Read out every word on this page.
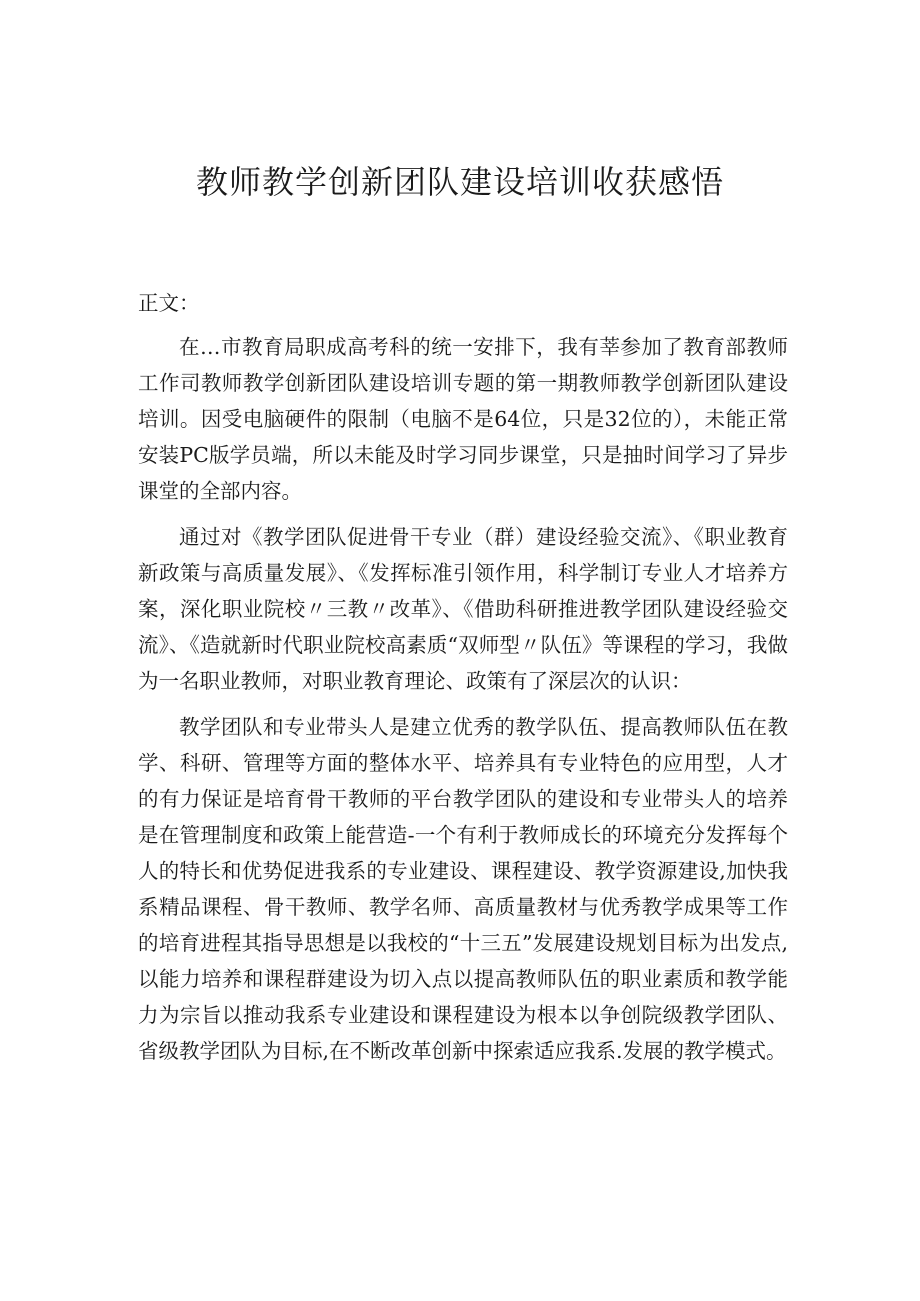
教师教学创新团队建设培训收获感悟

正文：

在…市教育局职成高考科的统一安排下，我有莘参加了教育部教师工作司教师教学创新团队建设培训专题的第一期教师教学创新团队建设培训。因受电脑硬件的限制（电脑不是64位，只是32位的），未能正常安装PC版学员端，所以未能及时学习同步课堂，只是抽时间学习了异步课堂的全部内容。

通过对《教学团队促进骨干专业（群）建设经验交流》、《职业教育新政策与高质量发展》、《发挥标准引领作用，科学制订专业人才培养方案，深化职业院校〃三教〃改革》、《借助科研推进教学团队建设经验交流》、《造就新时代职业院校高素质“双师型〃队伍》等课程的学习，我做为一名职业教师，对职业教育理论、政策有了深层次的认识：

教学团队和专业带头人是建立优秀的教学队伍、提高教师队伍在教学、科研、管理等方面的整体水平、培养具有专业特色的应用型，人才的有力保证是培育骨干教师的平台教学团队的建设和专业带头人的培养是在管理制度和政策上能营造-一个有利于教师成长的环境充分发挥每个人的特长和优势促进我系的专业建设、课程建设、教学资源建设,加快我系精品课程、骨干教师、教学名师、高质量教材与优秀教学成果等工作的培育进程其指导思想是以我校的“十三五”发展建设规划目标为出发点,以能力培养和课程群建设为切入点以提高教师队伍的职业素质和教学能力为宗旨以推动我系专业建设和课程建设为根本以争创院级教学团队、省级教学团队为目标,在不断改革创新中探索适应我系.发展的教学模式。
